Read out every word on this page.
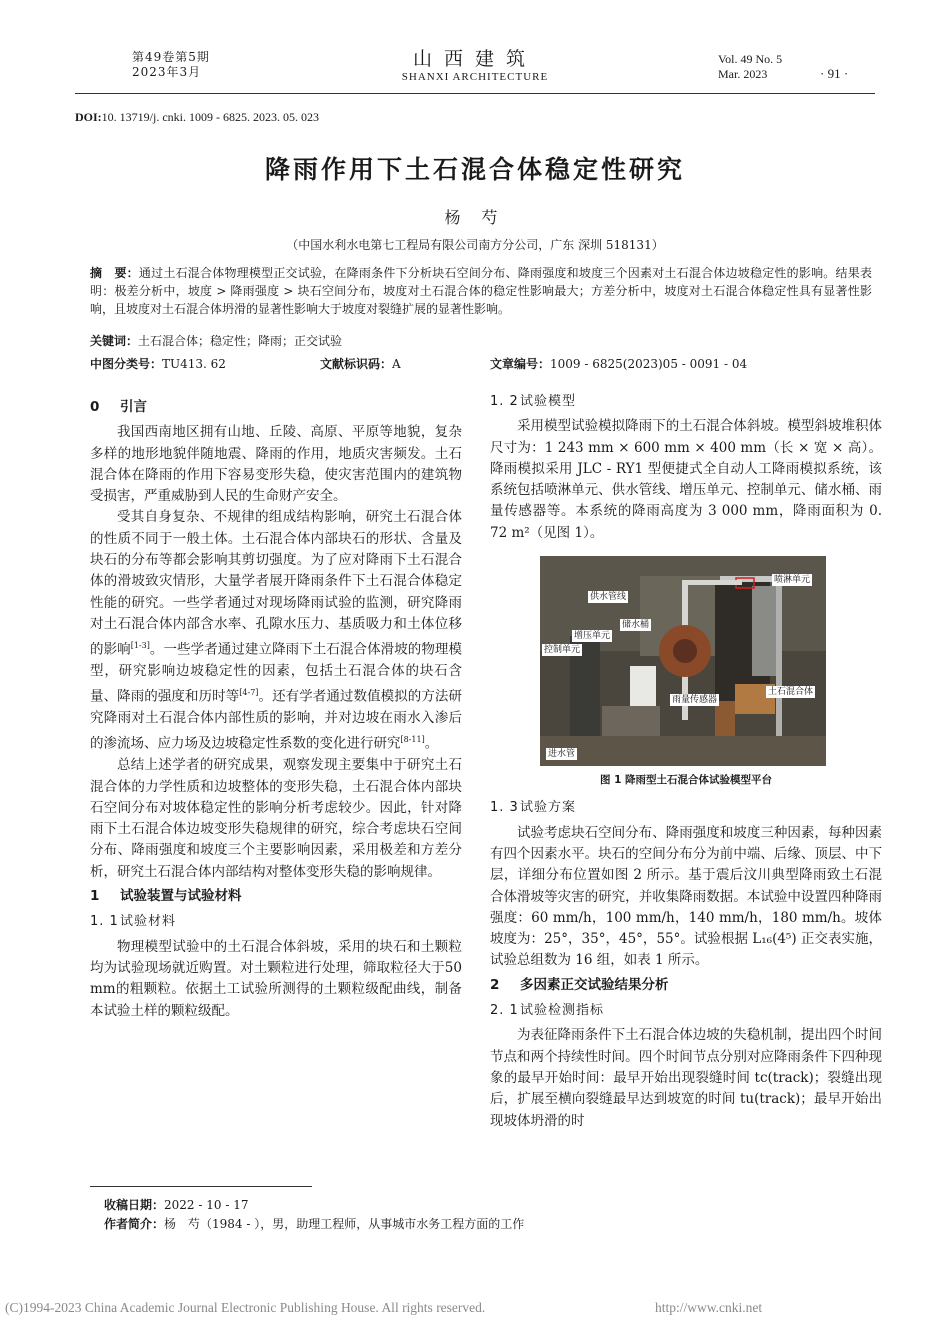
第49卷第5期
2023年3月
山西建筑
SHANXI ARCHITECTURE
Vol. 49 No. 5
Mar. 2023	· 91 ·
DOI:10. 13719/j. cnki. 1009 - 6825. 2023. 05. 023
降雨作用下土石混合体稳定性研究
杨 芍
（中国水利水电第七工程局有限公司南方分公司，广东 深圳 518131）
摘　要：通过土石混合体物理模型正交试验，在降雨条件下分析块石空间分布、降雨强度和坡度三个因素对土石混合体边坡稳定性的影响。结果表明：极差分析中，坡度 > 降雨强度 > 块石空间分布，坡度对土石混合体的稳定性影响最大；方差分析中，坡度对土石混合体稳定性具有显著性影响，且坡度对土石混合体坍滑的显著性影响大于坡度对裂缝扩展的显著性影响。
关键词：土石混合体；稳定性；降雨；正交试验
中图分类号：TU413. 62	文献标识码：A	文章编号：1009 - 6825(2023)05 - 0091 - 04
0 引言

我国西南地区拥有山地、丘陵、高原、平原等地貌，复杂多样的地形地貌伴随地震、降雨的作用，地质灾害频发。土石混合体在降雨的作用下容易变形失稳，使灾害范围内的建筑物受损害，严重威胁到人民的生命财产安全。

受其自身复杂、不规律的组成结构影响，研究土石混合体的性质不同于一般土体。土石混合体内部块石的形状、含量及块石的分布等都会影响其剪切强度。为了应对降雨下土石混合体的滑坡致灾情形，大量学者展开降雨条件下土石混合体稳定性能的研究。一些学者通过对现场降雨试验的监测，研究降雨对土石混合体内部含水率、孔隙水压力、基质吸力和土体位移的影响[1-3]。一些学者通过建立降雨下土石混合体滑坡的物理模型，研究影响边坡稳定性的因素，包括土石混合体的块石含量、降雨的强度和历时等[4-7]。还有学者通过数值模拟的方法研究降雨对土石混合体内部性质的影响，并对边坡在雨水入渗后的渗流场、应力场及边坡稳定性系数的变化进行研究[8-11]。

总结上述学者的研究成果，观察发现主要集中于研究土石混合体的力学性质和边坡整体的变形失稳，土石混合体内部块石空间分布对坡体稳定性的影响分析考虑较少。因此，针对降雨下土石混合体边坡变形失稳规律的研究，综合考虑块石空间分布、降雨强度和坡度三个主要影响因素，采用极差和方差分析，研究土石混合体内部结构对整体变形失稳的影响规律。

1 试验装置与试验材料
1. 1试验材料

物理模型试验中的土石混合体斜坡，采用的块石和土颗粒均为试验现场就近购置。对土颗粒进行处理，筛取粒径大于50 mm的粗颗粒。依据土工试验所测得的土颗粒级配曲线，制备本试验土样的颗粒级配。

1. 2试验模型

采用模型试验模拟降雨下的土石混合体斜坡。模型斜坡堆积体尺寸为：1 243 mm × 600 mm × 400 mm（长 × 宽 × 高）。降雨模拟采用 JLC - RY1 型便捷式全自动人工降雨模拟系统，该系统包括喷淋单元、供水管线、增压单元、控制单元、储水桶、雨量传感器等。本系统的降雨高度为 3 000 mm，降雨面积为 0. 72 m²（见图 1）。

喷淋单元
供水管线
储水桶
增压单元
控制单元
土石混合体
雨量传感器
进水管
图 1 降雨型土石混合体试验模型平台
1. 3试验方案

试验考虑块石空间分布、降雨强度和坡度三种因素，每种因素有四个因素水平。块石的空间分布分为前中端、后缘、顶层、中下层，详细分布位置如图 2 所示。基于震后汶川典型降雨致土石混合体滑坡等灾害的研究，并收集降雨数据。本试验中设置四种降雨强度：60 mm/h，100 mm/h，140 mm/h，180 mm/h。坡体坡度为：25°，35°，45°，55°。试验根据 L₁₆(4⁵) 正交表实施，试验总组数为 16 组，如表 1 所示。

2 多因素正交试验结果分析
2. 1试验检测指标

为表征降雨条件下土石混合体边坡的失稳机制，提出四个时间节点和两个持续性时间。四个时间节点分别对应降雨条件下四种现象的最早开始时间：最早开始出现裂缝时间 tc(track)；裂缝出现后，扩展至横向裂缝最早达到坡宽的时间 tu(track)；最早开始出现坡体坍滑的时

收稿日期：2022 - 10 - 17
作者简介：杨　芍（1984 - ），男，助理工程师，从事城市水务工程方面的工作
(C)1994-2023 China Academic Journal Electronic Publishing House. All rights reserved.	http://www.cnki.net
